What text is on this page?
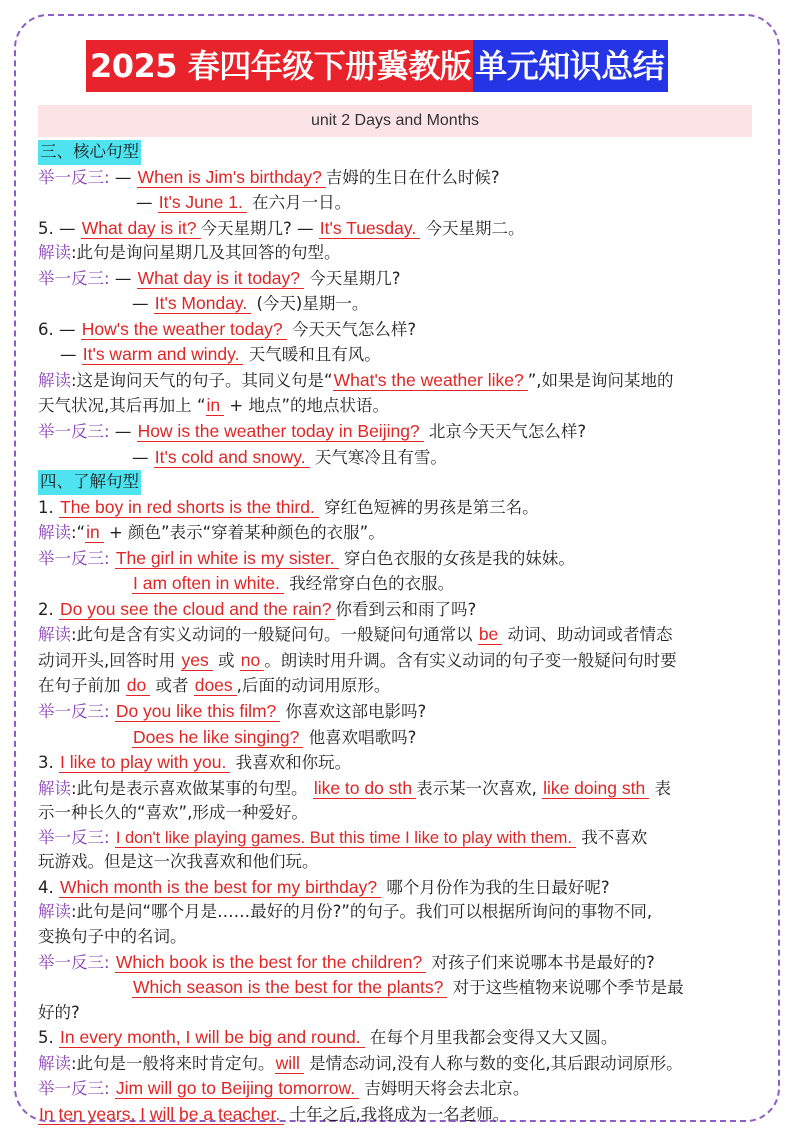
2025 春四年级下册冀教版 单元知识总结
unit 2 Days and Months
三、核心句型
举一反三: — When is Jim's birthday? 吉姆的生日在什么时候?
— It's June 1. 在六月一日。
5. — What day is it? 今天星期几? — It's Tuesday. 今天星期二。
解读:此句是询问星期几及其回答的句型。
举一反三: — What day is it today? 今天星期几?
— It's Monday. (今天)星期一。
6. — How's the weather today? 今天天气怎么样?
— It's warm and windy. 天气暖和且有风。
解读:这是询问天气的句子。其同义句是“What's the weather like? ”,如果是询问某地的
天气状况,其后再加上 “in + 地点”的地点状语。
举一反三: — How is the weather today in Beijing? 北京今天天气怎么样?
— It's cold and snowy. 天气寒冷且有雪。
四、了解句型
1. The boy in red shorts is the third. 穿红色短裤的男孩是第三名。
解读:“in + 颜色”表示“穿着某种颜色的衣服”。
举一反三: The girl in white is my sister. 穿白色衣服的女孩是我的妹妹。
I am often in white. 我经常穿白色的衣服。
2. Do you see the cloud and the rain? 你看到云和雨了吗?
解读:此句是含有实义动词的一般疑问句。一般疑问句通常以 be 动词、助动词或者情态
动词开头,回答时用 yes 或 no 。朗读时用升调。含有实义动词的句子变一般疑问句时要
在句子前加 do 或者 does ,后面的动词用原形。
举一反三: Do you like this film? 你喜欢这部电影吗?
Does he like singing? 他喜欢唱歌吗?
3. I like to play with you. 我喜欢和你玩。
解读:此句是表示喜欢做某事的句型。 like to do sth 表示某一次喜欢, like doing sth 表
示一种长久的“喜欢”,形成一种爱好。
举一反三: I don't like playing games. But this time I like to play with them. 我不喜欢
玩游戏。但是这一次我喜欢和他们玩。
4. Which month is the best for my birthday? 哪个月份作为我的生日最好呢?
解读:此句是问“哪个月是……最好的月份?”的句子。我们可以根据所询问的事物不同,
变换句子中的名词。
举一反三: Which book is the best for the children? 对孩子们来说哪本书是最好的?
Which season is the best for the plants? 对于这些植物来说哪个季节是最
好的?
5. In every month, I will be big and round. 在每个月里我都会变得又大又圆。
解读:此句是一般将来时肯定句。will 是情态动词,没有人称与数的变化,其后跟动词原形。
举一反三: Jim will go to Beijing tomorrow. 吉姆明天将会去北京。
In ten years, I will be a teacher. 十年之后,我将成为一名老师。
